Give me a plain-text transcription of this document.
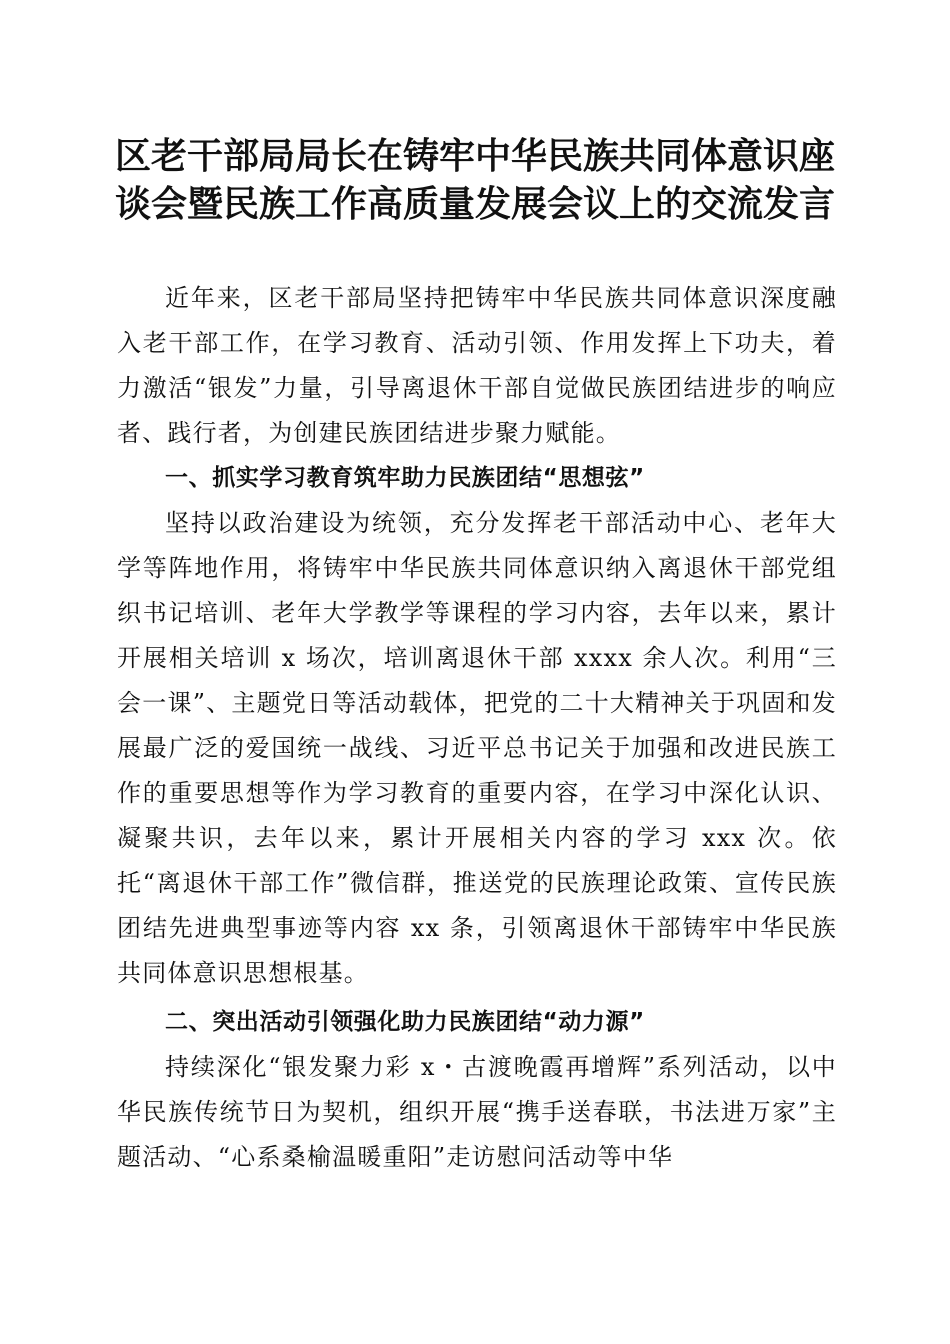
区老干部局局长在铸牢中华民族共同体意识座
谈会暨民族工作高质量发展会议上的交流发言

近年来，区老干部局坚持把铸牢中华民族共同体意识深度融入老干部工作，在学习教育、活动引领、作用发挥上下功夫，着力激活“银发”力量，引导离退休干部自觉做民族团结进步的响应者、践行者，为创建民族团结进步聚力赋能。

一、抓实学习教育筑牢助力民族团结“思想弦”

坚持以政治建设为统领，充分发挥老干部活动中心、老年大学等阵地作用，将铸牢中华民族共同体意识纳入离退休干部党组织书记培训、老年大学教学等课程的学习内容，去年以来，累计开展相关培训 x 场次，培训离退休干部 xxxx 余人次。利用“三会一课”、主题党日等活动载体，把党的二十大精神关于巩固和发展最广泛的爱国统一战线、习近平总书记关于加强和改进民族工作的重要思想等作为学习教育的重要内容，在学习中深化认识、凝聚共识，去年以来，累计开展相关内容的学习 xxx 次。依托“离退休干部工作”微信群，推送党的民族理论政策、宣传民族团结先进典型事迹等内容 xx 条，引领离退休干部铸牢中华民族共同体意识思想根基。

二、突出活动引领强化助力民族团结“动力源”

持续深化“银发聚力彩 x・古渡晚霞再增辉”系列活动，以中华民族传统节日为契机，组织开展“携手送春联，书法进万家”主题活动、“心系桑榆温暖重阳”走访慰问活动等中华
